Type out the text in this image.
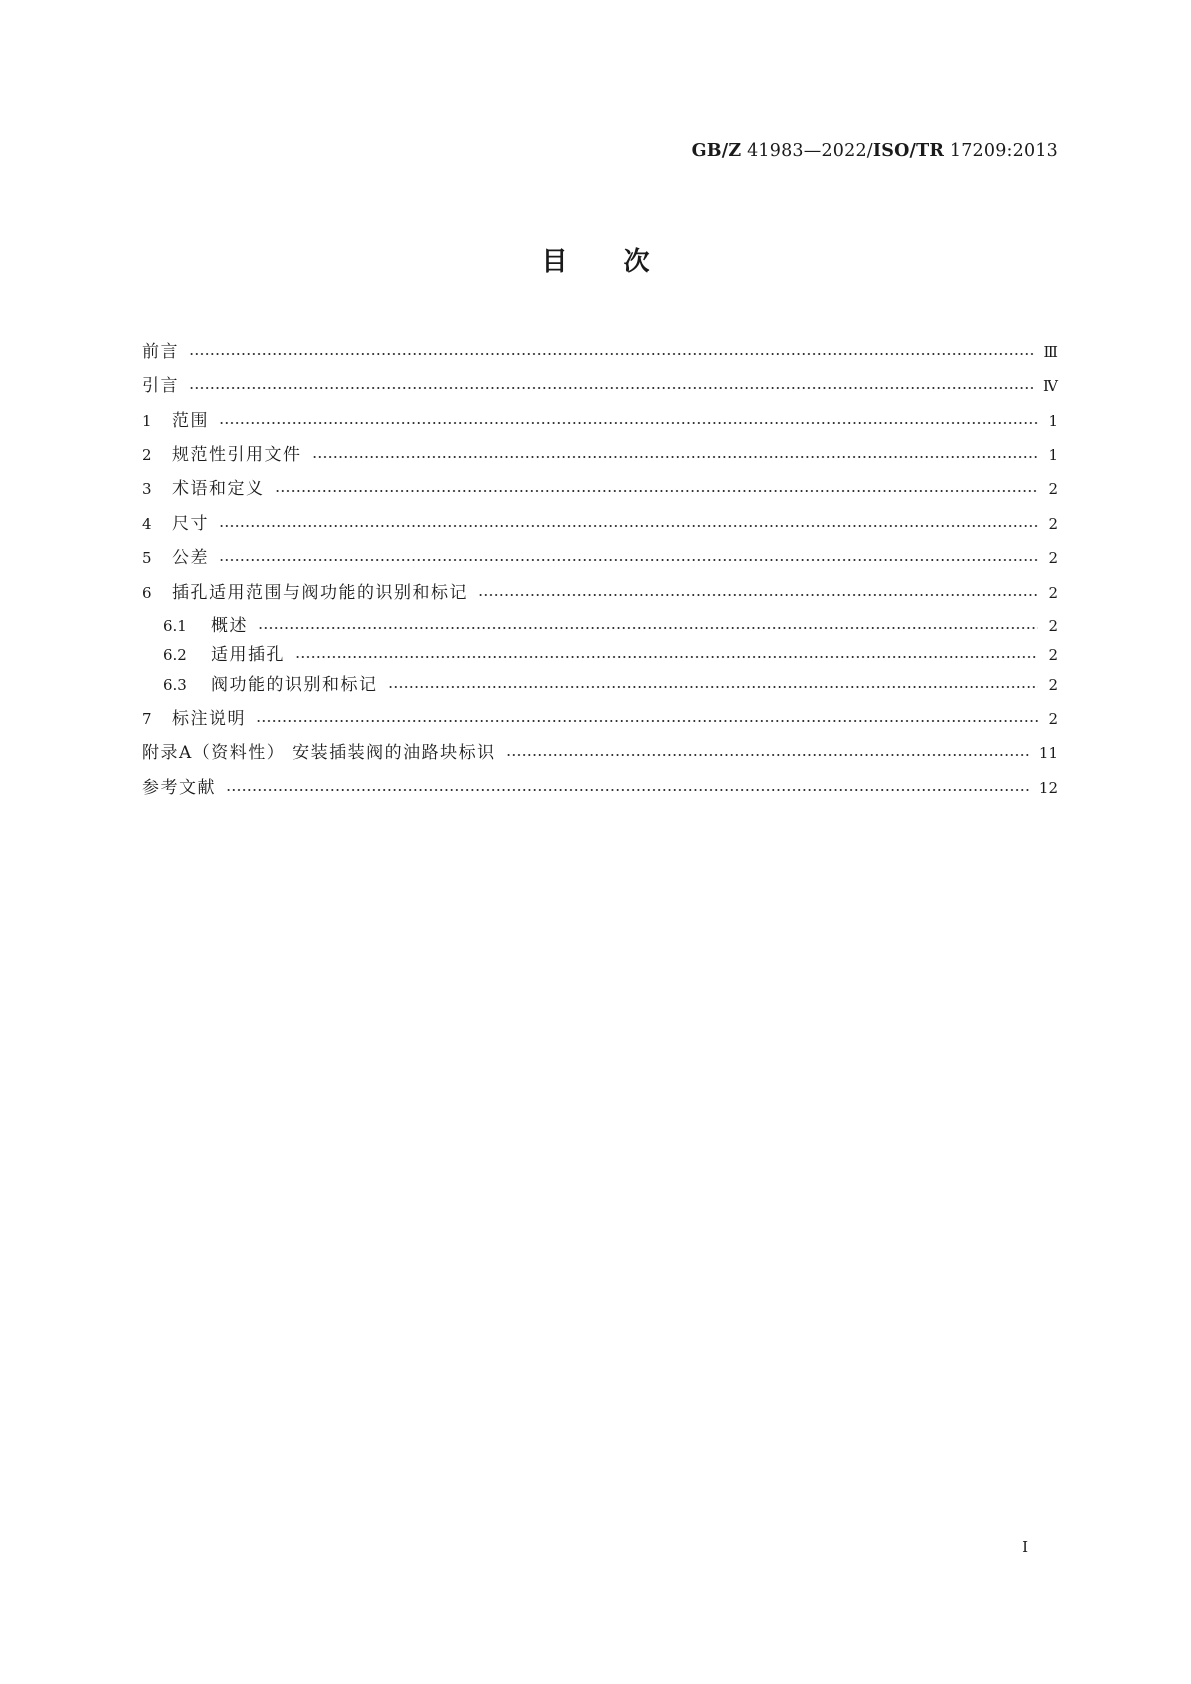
GB/Z 41983—2022/ISO/TR 17209:2013
目次
前言	Ⅲ
引言	Ⅳ
1	范围	1
2	规范性引用文件	1
3	术语和定义	2
4	尺寸	2
5	公差	2
6	插孔适用范围与阀功能的识别和标记	2
6.1	概述	2
6.2	适用插孔	2
6.3	阀功能的识别和标记	2
7	标注说明	2
附录A（资料性） 安装插装阀的油路块标识	11
参考文献	12
Ⅰ
